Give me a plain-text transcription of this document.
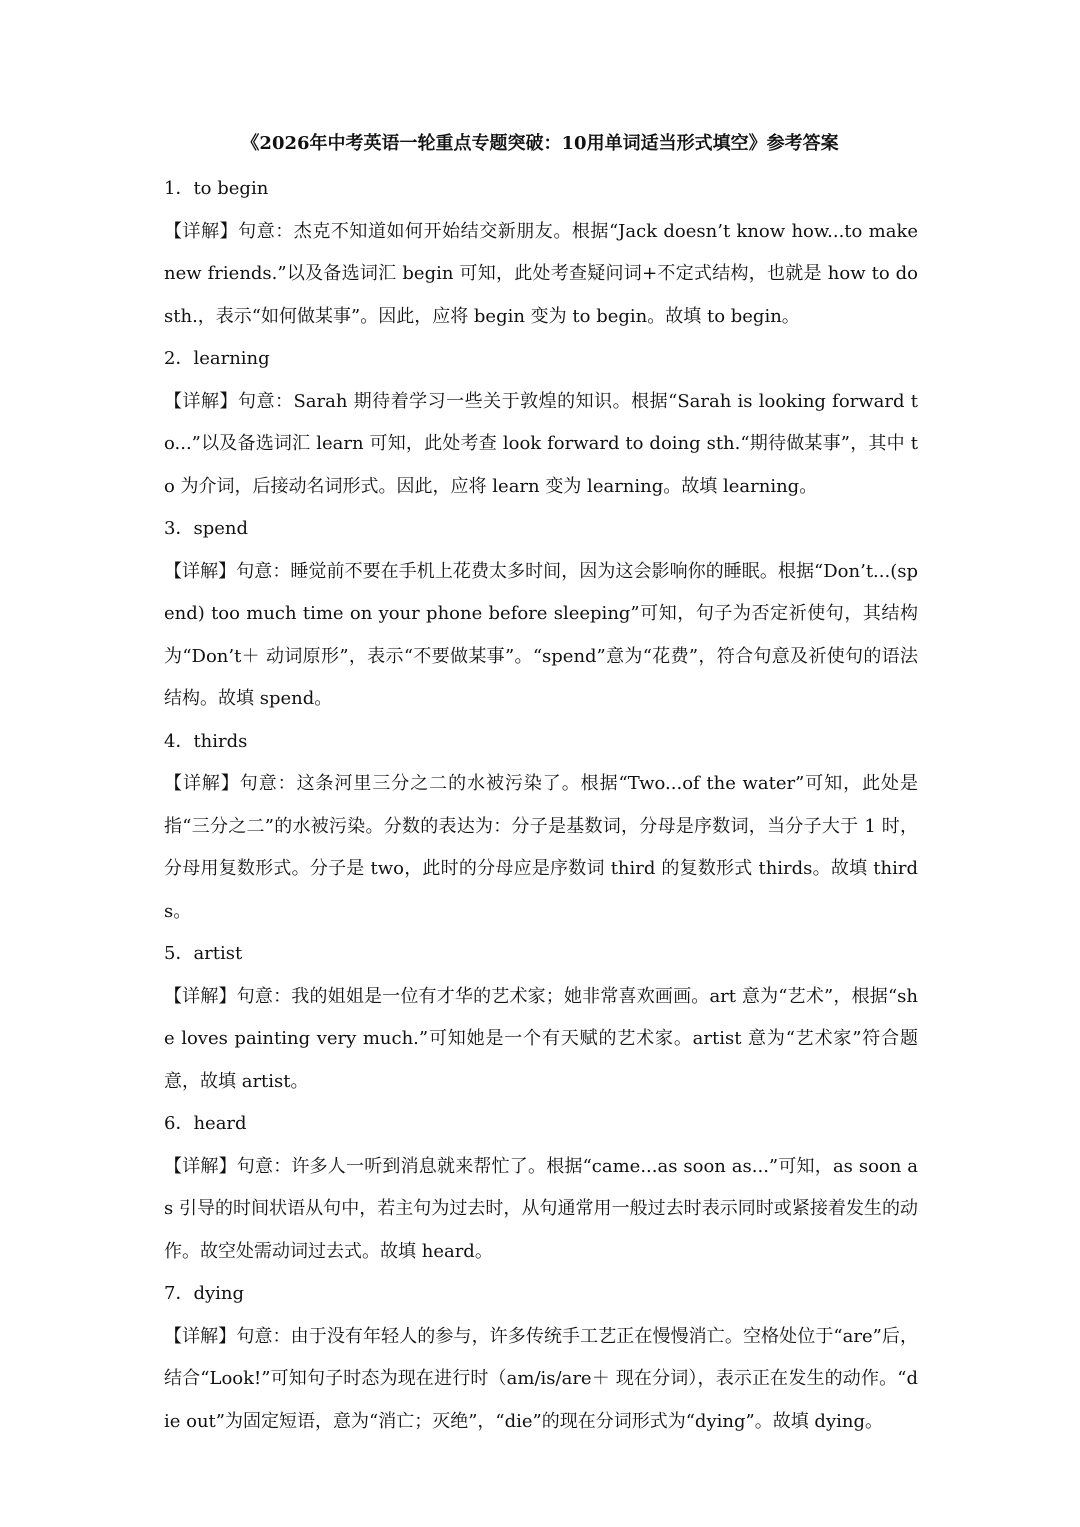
《2026年中考英语一轮重点专题突破：10用单词适当形式填空》参考答案
1．to begin

【详解】句意：杰克不知道如何开始结交新朋友。根据“Jack doesn’t know how...to make new friends.”以及备选词汇 begin 可知，此处考查疑问词+不定式结构，也就是 how to do sth.，表示“如何做某事”。因此，应将 begin 变为 to begin。故填 to begin。

2．learning

【详解】句意：Sarah 期待着学习一些关于敦煌的知识。根据“Sarah is looking forward to...”以及备选词汇 learn 可知，此处考查 look forward to doing sth.“期待做某事”，其中 to 为介词，后接动名词形式。因此，应将 learn 变为 learning。故填 learning。

3．spend

【详解】句意：睡觉前不要在手机上花费太多时间，因为这会影响你的睡眠。根据“Don’t...(spend) too much time on your phone before sleeping”可知，句子为否定祈使句，其结构为“Don’t＋ 动词原形”，表示“不要做某事”。“spend”意为“花费”，符合句意及祈使句的语法结构。故填 spend。

4．thirds

【详解】句意：这条河里三分之二的水被污染了。根据“Two...of the water”可知，此处是指“三分之二”的水被污染。分数的表达为：分子是基数词，分母是序数词，当分子大于 1 时，分母用复数形式。分子是 two，此时的分母应是序数词 third 的复数形式 thirds。故填 thirds。

5．artist

【详解】句意：我的姐姐是一位有才华的艺术家；她非常喜欢画画。art 意为“艺术”，根据“she loves painting very much.”可知她是一个有天赋的艺术家。artist 意为“艺术家”符合题意，故填 artist。

6．heard

【详解】句意：许多人一听到消息就来帮忙了。根据“came...as soon as...”可知，as soon as 引导的时间状语从句中，若主句为过去时，从句通常用一般过去时表示同时或紧接着发生的动作。故空处需动词过去式。故填 heard。

7．dying

【详解】句意：由于没有年轻人的参与，许多传统手工艺正在慢慢消亡。空格处位于“are”后，结合“Look!”可知句子时态为现在进行时（am/is/are＋ 现在分词），表示正在发生的动作。“die out”为固定短语，意为“消亡；灭绝”，“die”的现在分词形式为“dying”。故填 dying。
